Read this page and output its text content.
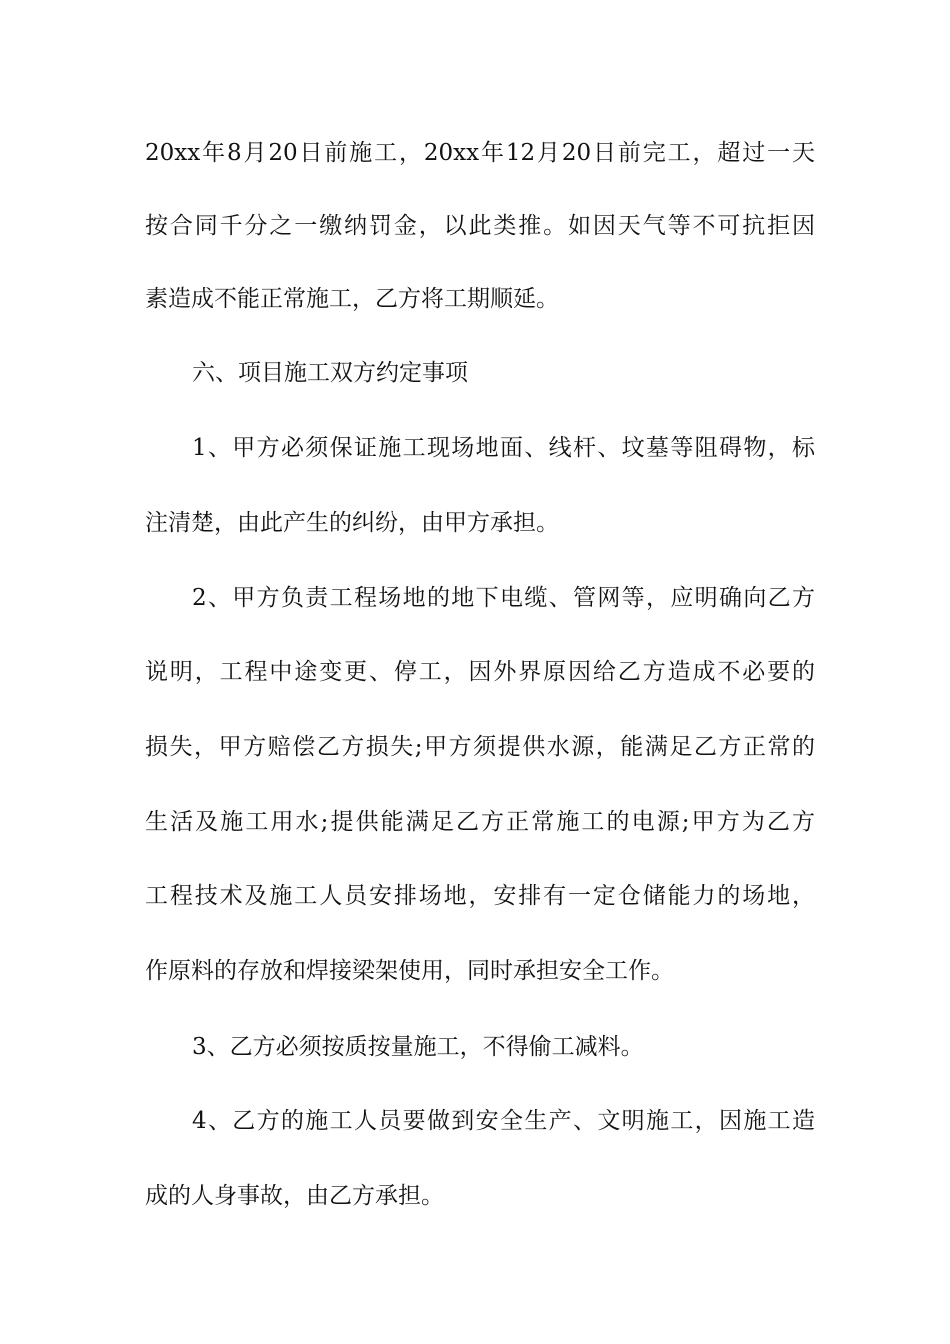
20xx年8月20日前施工，20xx年12月20日前完工，超过一天
按合同千分之一缴纳罚金，以此类推。如因天气等不可抗拒因
素造成不能正常施工，乙方将工期顺延。
六、项目施工双方约定事项
1、甲方必须保证施工现场地面、线杆、坟墓等阻碍物，标
注清楚，由此产生的纠纷，由甲方承担。
2、甲方负责工程场地的地下电缆、管网等，应明确向乙方
说明，工程中途变更、停工，因外界原因给乙方造成不必要的
损失，甲方赔偿乙方损失;甲方须提供水源，能满足乙方正常的
生活及施工用水;提供能满足乙方正常施工的电源;甲方为乙方
工程技术及施工人员安排场地，安排有一定仓储能力的场地，
作原料的存放和焊接梁架使用，同时承担安全工作。
3、乙方必须按质按量施工，不得偷工减料。
4、乙方的施工人员要做到安全生产、文明施工，因施工造
成的人身事故，由乙方承担。
